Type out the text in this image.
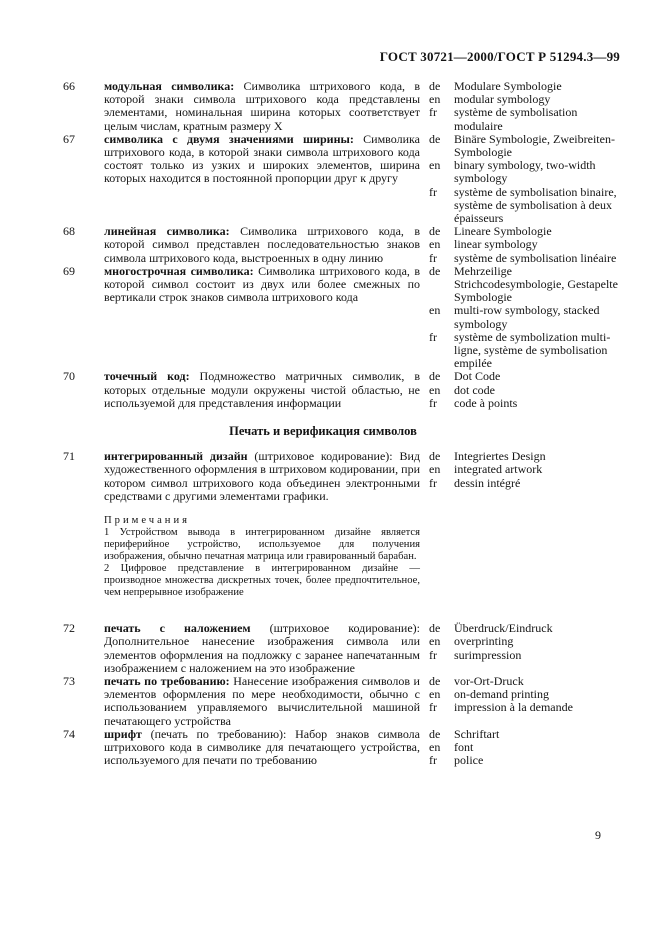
ГОСТ 30721—2000/ГОСТ Р 51294.3—99
66	модульная символика: Символика штрихового кода, в которой знаки символа штрихового кода представлены элементами, номинальная ширина которых соответствует целым числам, кратным размеру X
de	Modulare Symbologie
en	modular symbology
fr	système de symbolisation modulaire
67	символика с двумя значениями ширины: Символика штрихового кода, в которой знаки символа штрихового кода состоят только из узких и широких элементов, ширина которых находится в постоянной пропорции друг к другу
de	Binäre Symbologie, Zweibreiten-Symbologie
en	binary symbology, two-width symbology
fr	système de symbolisation binaire, système de symbolisation à deux épaisseurs
68	линейная символика: Символика штрихового кода, в которой символ представлен последовательностью знаков символа штрихового кода, выстроенных в одну линию
de	Lineare Symbologie
en	linear symbology
fr	système de symbolisation linéaire
69	многострочная символика: Символика штрихового кода, в которой символ состоит из двух или более смежных по вертикали строк знаков символа штрихового кода
de	Mehrzeilige Strichcodesymbologie, Gestapelte Symbologie
en	multi-row symbology, stacked symbology
fr	système de symbolization multi-ligne, système de symbolisation empilée
70	точечный код: Подмножество матричных символик, в которых отдельные модули окружены чистой областью, не используемой для представления информации
de	Dot Code
en	dot code
fr	code à points
Печать и верификация символов
71	интегрированный дизайн (штриховое кодирование): Вид художественного оформления в штриховом кодировании, при котором символ штрихового кода объединен электронными средствами с другими элементами графики.
Примечания
1 Устройством вывода в интегрированном дизайне является периферийное устройство, используемое для получения изображения, обычно печатная матрица или гравированный барабан.
2 Цифровое представление в интегрированном дизайне — производное множества дискретных точек, более предпочтительное, чем непрерывное изображение
de	Integriertes Design
en	integrated artwork
fr	dessin intégré
72	печать с наложением (штриховое кодирование): Дополнительное нанесение изображения символа или элементов оформления на подложку с заранее напечатанным изображением с наложением на это изображение
de	Überdruck/Eindruck
en	overprinting
fr	surimpression
73	печать по требованию: Нанесение изображения символов и элементов оформления по мере необходимости, обычно с использованием управляемого вычислительной машиной печатающего устройства
de	vor-Ort-Druck
en	on-demand printing
fr	impression à la demande
74	шрифт (печать по требованию): Набор знаков символа штрихового кода в символике для печатающего устройства, используемого для печати по требованию
de	Schriftart
en	font
fr	police
9
